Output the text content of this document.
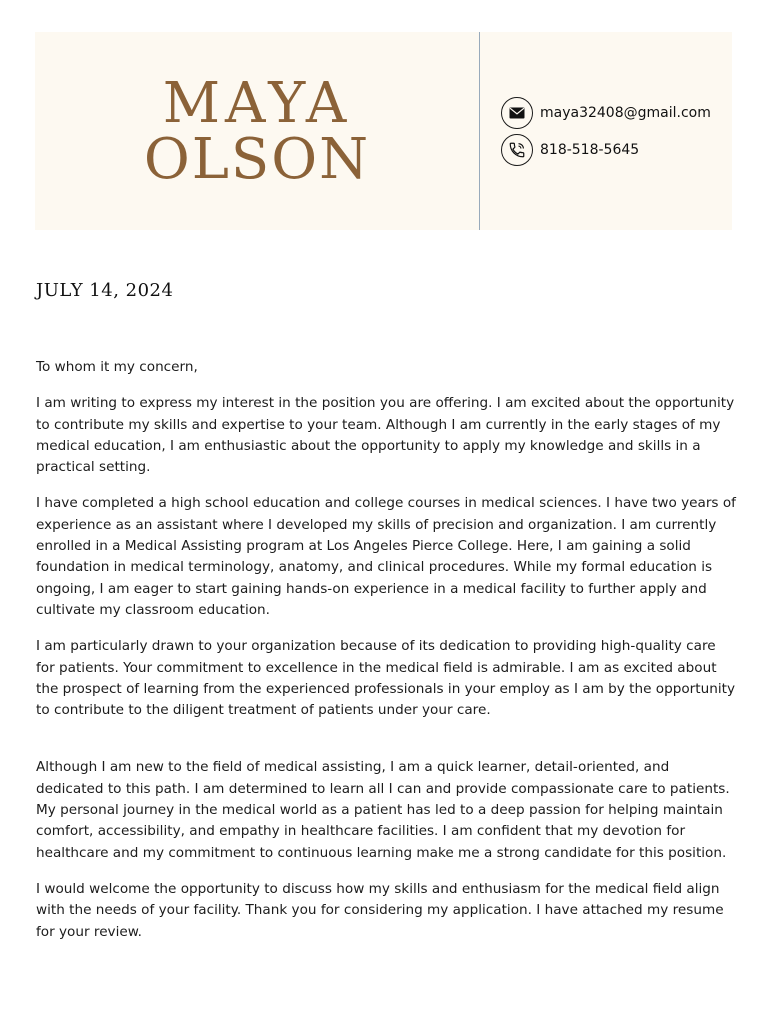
MAYA
OLSON
maya32408@gmail.com
818-518-5645
JULY 14, 2024

To whom it my concern,

I am writing to express my interest in the position you are offering. I am excited about the opportunity to contribute my skills and expertise to your team. Although I am currently in the early stages of my medical education, I am enthusiastic about the opportunity to apply my knowledge and skills in a practical setting.

I have completed a high school education and college courses in medical sciences. I have two years of experience as an assistant where I developed my skills of precision and organization. I am currently enrolled in a Medical Assisting program at Los Angeles Pierce College. Here, I am gaining a solid foundation in medical terminology, anatomy, and clinical procedures. While my formal education is ongoing, I am eager to start gaining hands-on experience in a medical facility to further apply and cultivate my classroom education.

I am particularly drawn to your organization because of its dedication to providing high-quality care for patients. Your commitment to excellence in the medical field is admirable. I am as excited about the prospect of learning from the experienced professionals in your employ as I am by the opportunity to contribute to the diligent treatment of patients under your care.

Although I am new to the field of medical assisting, I am a quick learner, detail-oriented, and dedicated to this path. I am determined to learn all I can and provide compassionate care to patients. My personal journey in the medical world as a patient has led to a deep passion for helping maintain comfort, accessibility, and empathy in healthcare facilities. I am confident that my devotion for healthcare and my commitment to continuous learning make me a strong candidate for this position.

I would welcome the opportunity to discuss how my skills and enthusiasm for the medical field align with the needs of your facility. Thank you for considering my application. I have attached my resume for your review.
